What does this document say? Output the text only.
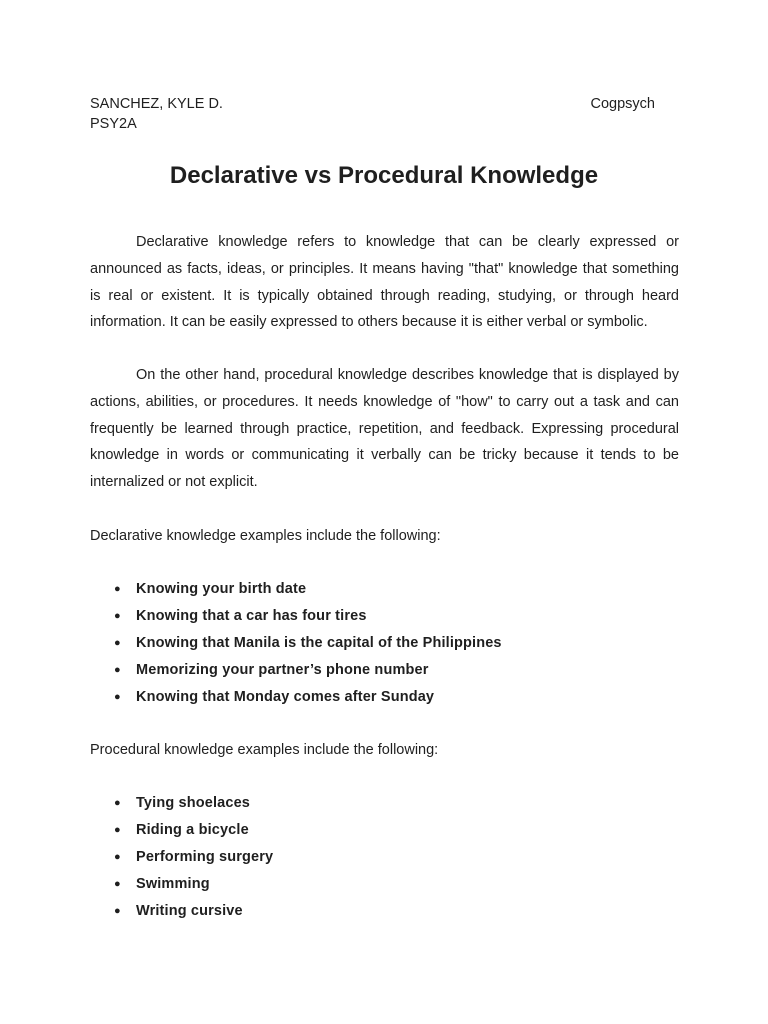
SANCHEZ, KYLE D.	Cogpsych
PSY2A
Declarative vs Procedural Knowledge

Declarative knowledge refers to knowledge that can be clearly expressed or announced as facts, ideas, or principles. It means having "that" knowledge that something is real or existent. It is typically obtained through reading, studying, or through heard information. It can be easily expressed to others because it is either verbal or symbolic.

On the other hand, procedural knowledge describes knowledge that is displayed by actions, abilities, or procedures. It needs knowledge of "how" to carry out a task and can frequently be learned through practice, repetition, and feedback. Expressing procedural knowledge in words or communicating it verbally can be tricky because it tends to be internalized or not explicit.

Declarative knowledge examples include the following:

● Knowing your birth date
● Knowing that a car has four tires
● Knowing that Manila is the capital of the Philippines
● Memorizing your partner’s phone number
● Knowing that Monday comes after Sunday

Procedural knowledge examples include the following:

● Tying shoelaces
● Riding a bicycle
● Performing surgery
● Swimming
● Writing cursive
